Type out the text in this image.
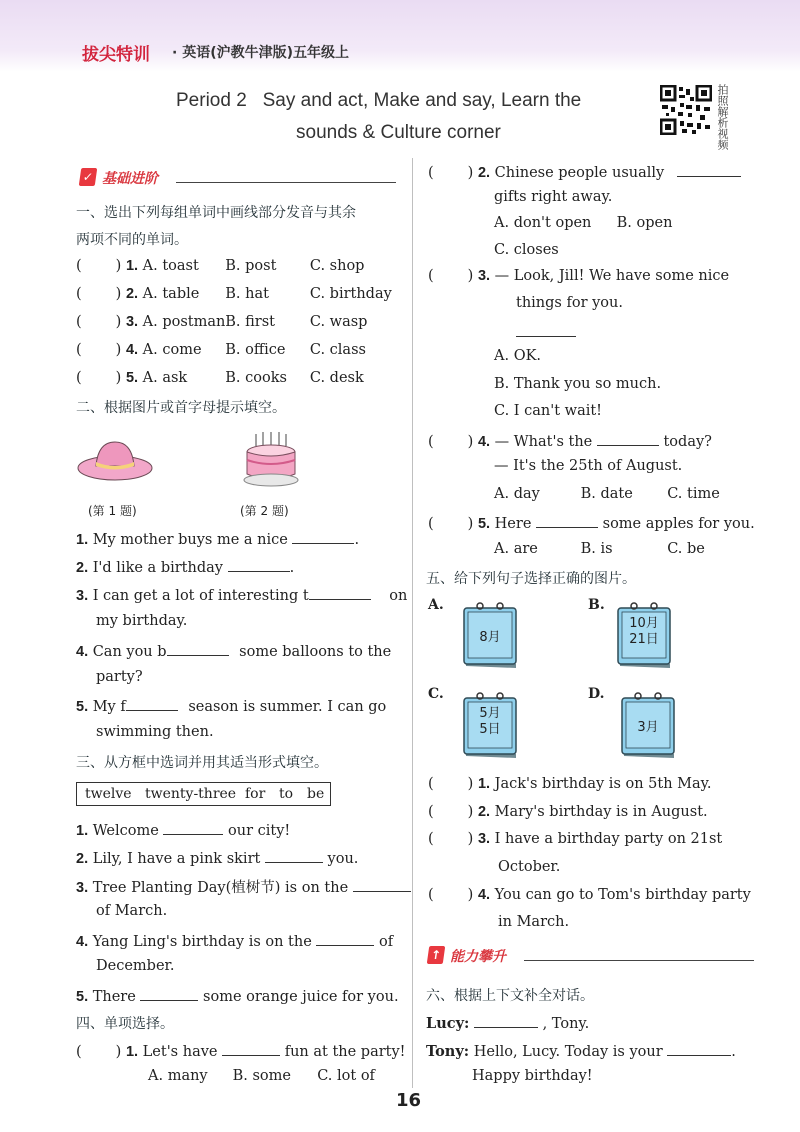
拔尖特训 · 英语(沪教牛津版)五年级上
Period 2   Say and act, Make and say, Learn the
sounds & Culture corner	拍照解析视频
✓ 基础进阶
一、选出下列每组单词中画线部分发音与其余
两项不同的单词。
( ) 1. A. toast B. post C. shop
( ) 2. A. table B. hat	C. birthday
( ) 3. A. postman B. first C. wasp
( ) 4. A. come B. office C. class
( ) 5. A. ask	B. cooks C. desk
二、根据图片或首字母提示填空。
(第 1 题)	(第 2 题)
1. My mother buys me a nice	.
2. I'd like a birthday	.
3. I can get a lot of interesting t	on
my birthday.
4. Can you b	some balloons to the
party?
5. My f	season is summer. I can go
swimming then.
三、从方框中选词并用其适当形式填空。
twelve twenty-three for to be
1. Welcome	our city!
2. Lily, I have a pink skirt	you.
3. Tree Planting Day(植树节) is on the
of March.
4. Yang Ling's birthday is on the	of
December.
5. There	some orange juice for you.
四、单项选择。
( ) 1. Let's have	fun at the party!
A. many B. some C. lot of
( ) 2. Chinese people usually
gifts right away.
A. don't open B. open
C. closes
( ) 3. — Look, Jill! We have some nice
things for you.
A. OK.
B. Thank you so much.
C. I can't wait!
( ) 4. — What's the	today?
— It's the 25th of August.
A. day	B. date C. time
( ) 5. Here	some apples for you.
A. are	B. is	C. be
五、给下列句子选择正确的图片。
A.
8月
B.
10月
21日
C.
5月
5日
D.
3月
( ) 1. Jack's birthday is on 5th May.
( ) 2. Mary's birthday is in August.
( ) 3. I have a birthday party on 21st
October.
( ) 4. You can go to Tom's birthday party
in March.
↑ 能力攀升
六、根据上下文补全对话。
Lucy:	, Tony.
Tony: Hello, Lucy. Today is your	.
Happy birthday!
16
